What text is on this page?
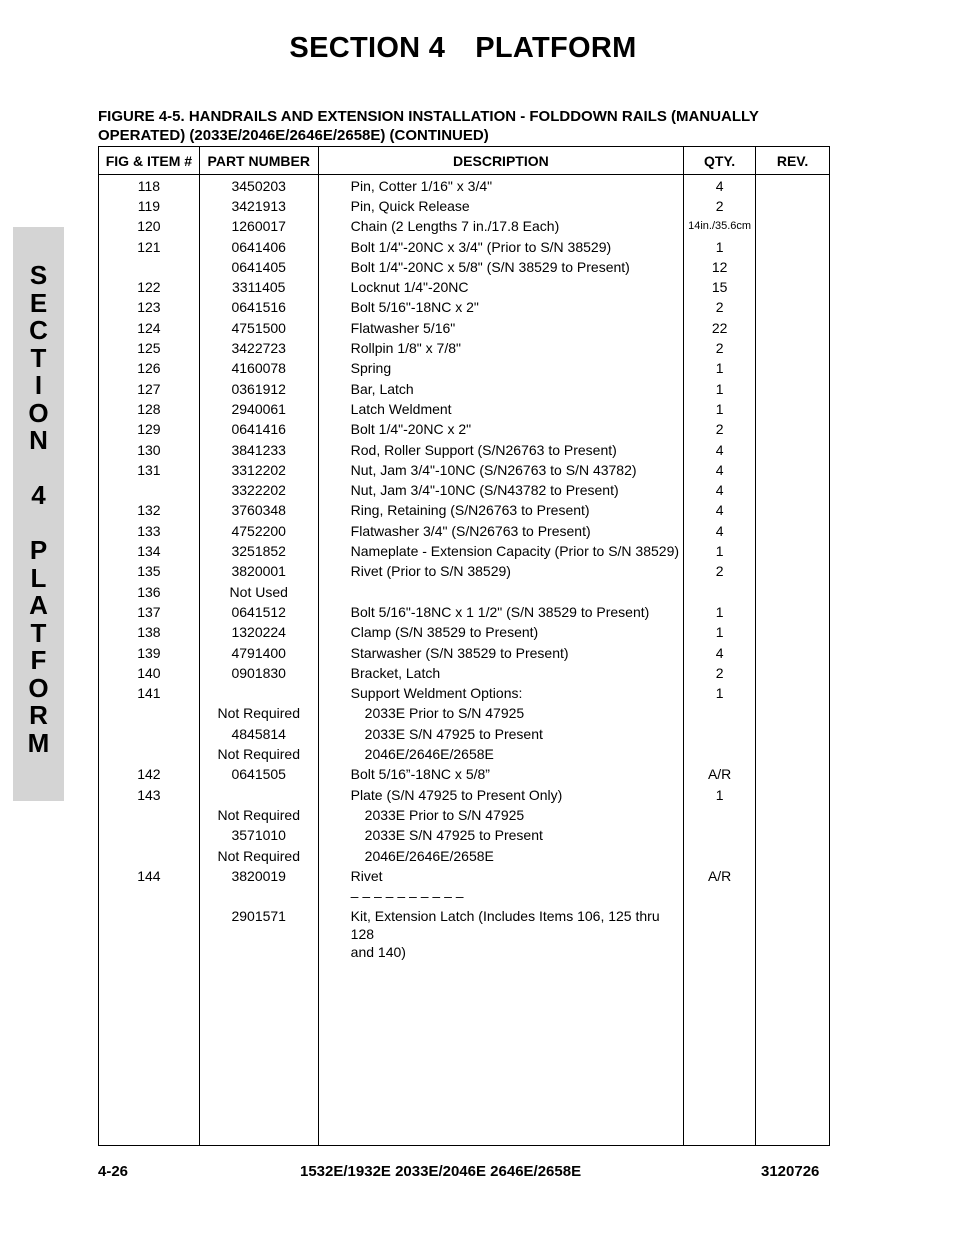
SECTION 4 PLATFORM
S
E
C
T
I
O
N

4

P
L
A
T
F
O
R
M
FIGURE 4-5. HANDRAILS AND EXTENSION INSTALLATION - FOLDDOWN RAILS (MANUALLY
OPERATED) (2033E/2046E/2646E/2658E) (CONTINUED)
FIG & ITEM #	PART NUMBER	DESCRIPTION	QTY.	REV.
118	3450203	Pin, Cotter 1/16" x 3/4"	4	
119	3421913	Pin, Quick Release	2	
120	1260017	Chain (2 Lengths 7 in./17.8 Each)	14in./35.6cm	
121	0641406	Bolt 1/4"-20NC x 3/4" (Prior to S/N 38529)	1	
	0641405	Bolt 1/4"-20NC x 5/8" (S/N 38529 to Present)	12	
122	3311405	Locknut 1/4"-20NC	15	
123	0641516	Bolt 5/16"-18NC x 2"	2	
124	4751500	Flatwasher 5/16"	22	
125	3422723	Rollpin 1/8" x 7/8"	2	
126	4160078	Spring	1	
127	0361912	Bar, Latch	1	
128	2940061	Latch Weldment	1	
129	0641416	Bolt 1/4"-20NC x 2"	2	
130	3841233	Rod, Roller Support (S/N26763 to Present)	4	
131	3312202	Nut, Jam 3/4"-10NC (S/N26763 to S/N 43782)	4	
	3322202	Nut, Jam 3/4"-10NC (S/N43782 to Present)	4	
132	3760348	Ring, Retaining (S/N26763 to Present)	4	
133	4752200	Flatwasher 3/4" (S/N26763 to Present)	4	
134	3251852	Nameplate - Extension Capacity (Prior to S/N 38529)	1	
135	3820001	Rivet (Prior to S/N 38529)	2	
136	Not Used			
137	0641512	Bolt 5/16"-18NC x 1 1/2" (S/N 38529 to Present)	1	
138	1320224	Clamp (S/N 38529 to Present)	1	
139	4791400	Starwasher (S/N 38529 to Present)	4	
140	0901830	Bracket, Latch	2	
141		Support Weldment Options:	1	
	Not Required	2033E Prior to S/N 47925		
	4845814	2033E S/N 47925 to Present		
	Not Required	2046E/2646E/2658E		
142	0641505	Bolt 5/16”-18NC x 5/8”	A/R	
143		Plate (S/N 47925 to Present Only)	1	
	Not Required	2033E Prior to S/N 47925		
	3571010	2033E S/N 47925 to Present		
	Not Required	2046E/2646E/2658E		
144	3820019	Rivet	A/R	
		– – – – – – – – – –		
	2901571	Kit, Extension Latch (Includes Items 106, 125 thru 128		
		and 140)		

4-26	1532E/1932E 2033E/2046E 2646E/2658E	3120726
